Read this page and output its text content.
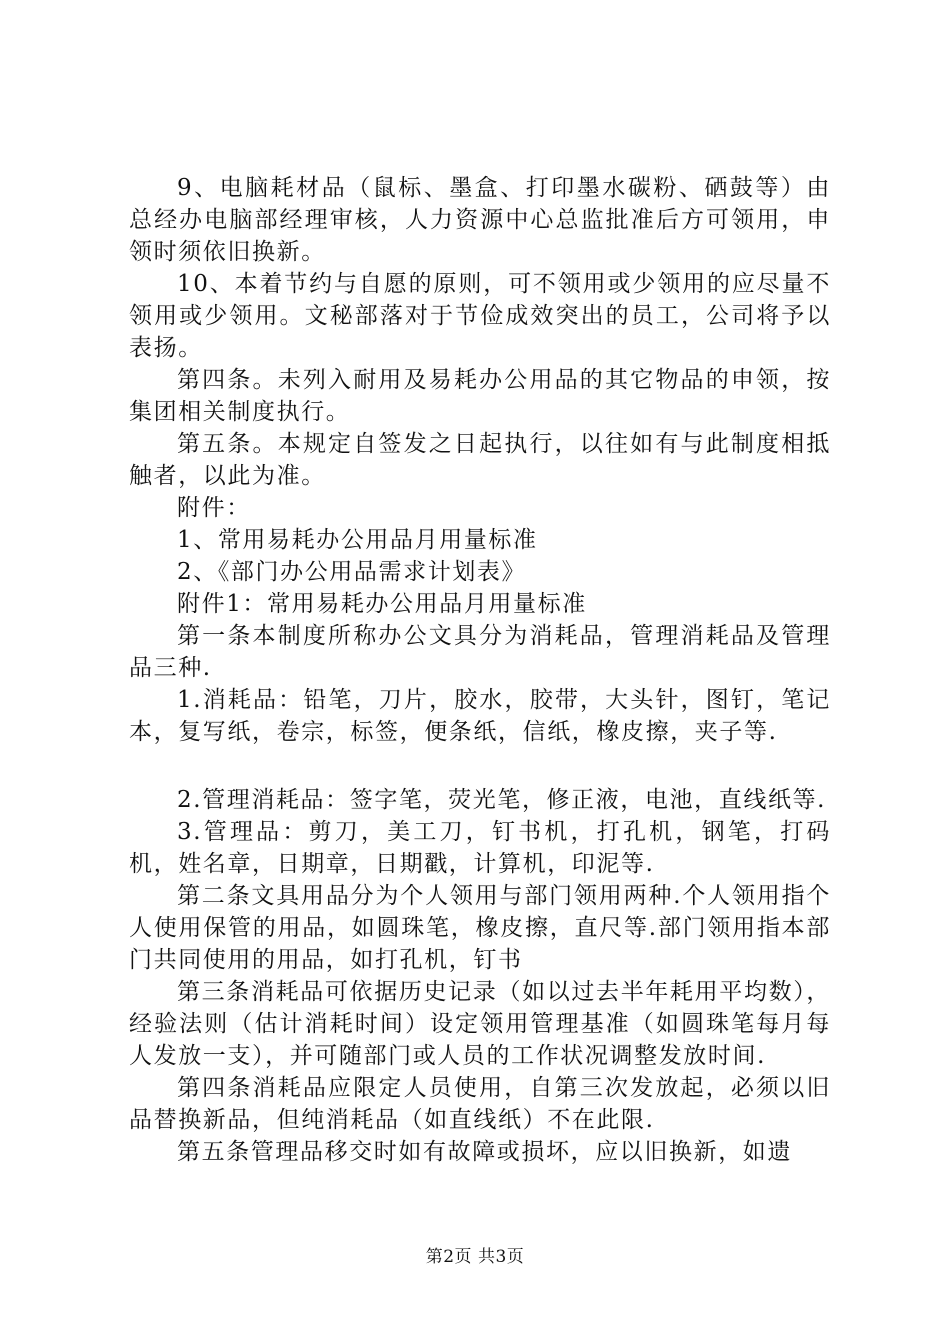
9、电脑耗材品（鼠标、墨盒、打印墨水碳粉、硒鼓等）由总经办电脑部经理审核，人力资源中心总监批准后方可领用，申领时须依旧换新。

10、本着节约与自愿的原则，可不领用或少领用的应尽量不领用或少领用。文秘部落对于节俭成效突出的员工，公司将予以表扬。

第四条。未列入耐用及易耗办公用品的其它物品的申领，按集团相关制度执行。

第五条。本规定自签发之日起执行，以往如有与此制度相抵触者，以此为准。

附件：

1、常用易耗办公用品月用量标准

2、《部门办公用品需求计划表》

附件1：常用易耗办公用品月用量标准

第一条本制度所称办公文具分为消耗品，管理消耗品及管理品三种.

1.消耗品：铅笔，刀片，胶水，胶带，大头针，图钉，笔记本，复写纸，卷宗，标签，便条纸，信纸，橡皮擦，夹子等.

2.管理消耗品：签字笔，荧光笔，修正液，电池，直线纸等.

3.管理品：剪刀，美工刀，钉书机，打孔机，钢笔，打码机，姓名章，日期章，日期戳，计算机，印泥等.

第二条文具用品分为个人领用与部门领用两种.个人领用指个人使用保管的用品，如圆珠笔，橡皮擦，直尺等.部门领用指本部门共同使用的用品，如打孔机，钉书

第三条消耗品可依据历史记录（如以过去半年耗用平均数），经验法则（估计消耗时间）设定领用管理基准（如圆珠笔每月每人发放一支），并可随部门或人员的工作状况调整发放时间.

第四条消耗品应限定人员使用，自第三次发放起，必须以旧品替换新品，但纯消耗品（如直线纸）不在此限.

第五条管理品移交时如有故障或损坏，应以旧换新，如遗

第2页 共3页
